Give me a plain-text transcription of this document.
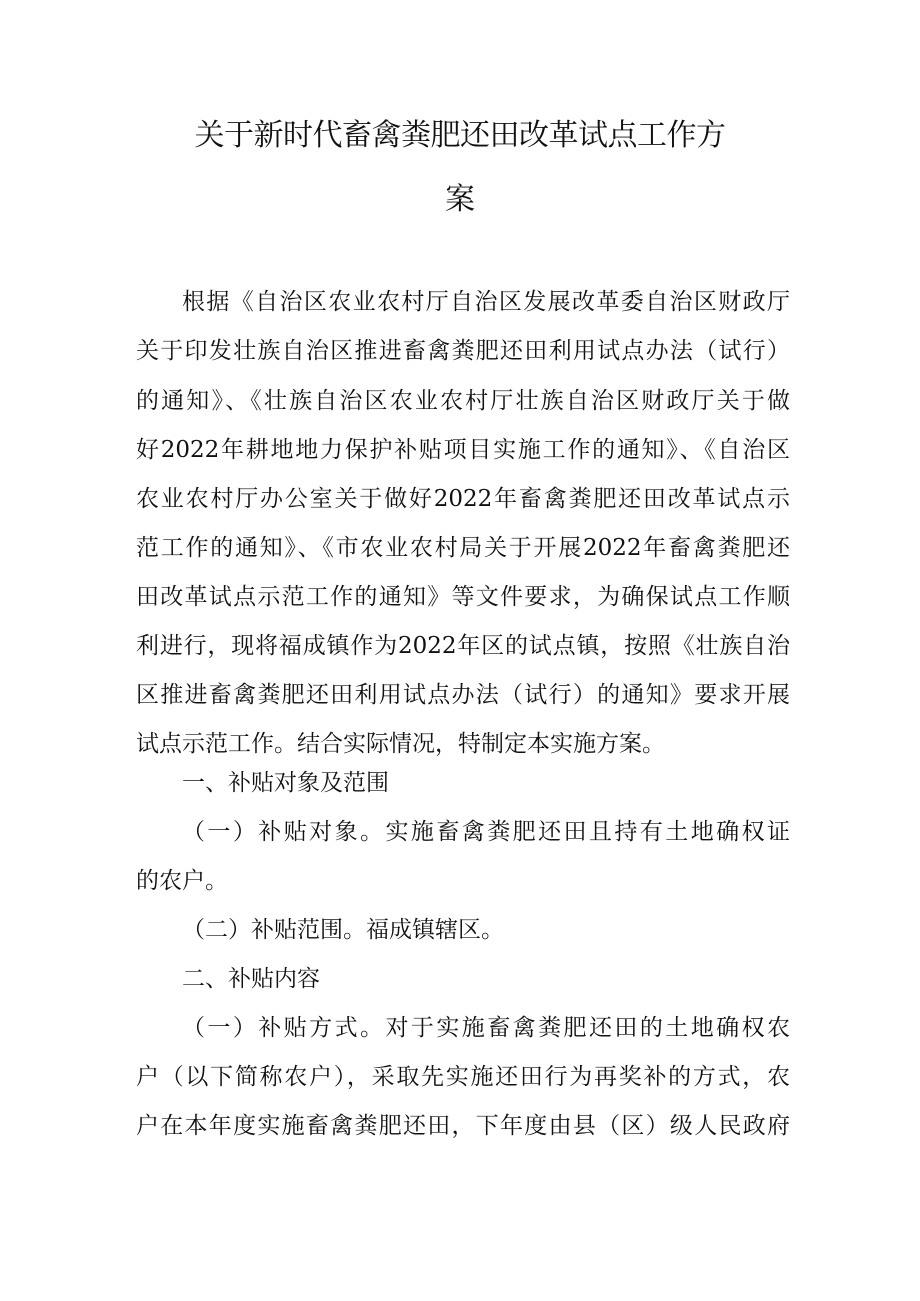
关于新时代畜禽粪肥还田改革试点工作方
案
根据《自治区农业农村厅自治区发展改革委自治区财政厅
关于印发壮族自治区推进畜禽粪肥还田利用试点办法（试行）
的通知》、《壮族自治区农业农村厅壮族自治区财政厅关于做
好2022年耕地地力保护补贴项目实施工作的通知》、《自治区
农业农村厅办公室关于做好2022年畜禽粪肥还田改革试点示
范工作的通知》、《市农业农村局关于开展2022年畜禽粪肥还
田改革试点示范工作的通知》等文件要求，为确保试点工作顺
利进行，现将福成镇作为2022年区的试点镇，按照《壮族自治
区推进畜禽粪肥还田利用试点办法（试行）的通知》要求开展
试点示范工作。结合实际情况，特制定本实施方案。
一、补贴对象及范围
（一）补贴对象。实施畜禽粪肥还田且持有土地确权证
的农户。
（二）补贴范围。福成镇辖区。
二、补贴内容
（一）补贴方式。对于实施畜禽粪肥还田的土地确权农
户（以下简称农户），采取先实施还田行为再奖补的方式，农
户在本年度实施畜禽粪肥还田，下年度由县（区）级人民政府
